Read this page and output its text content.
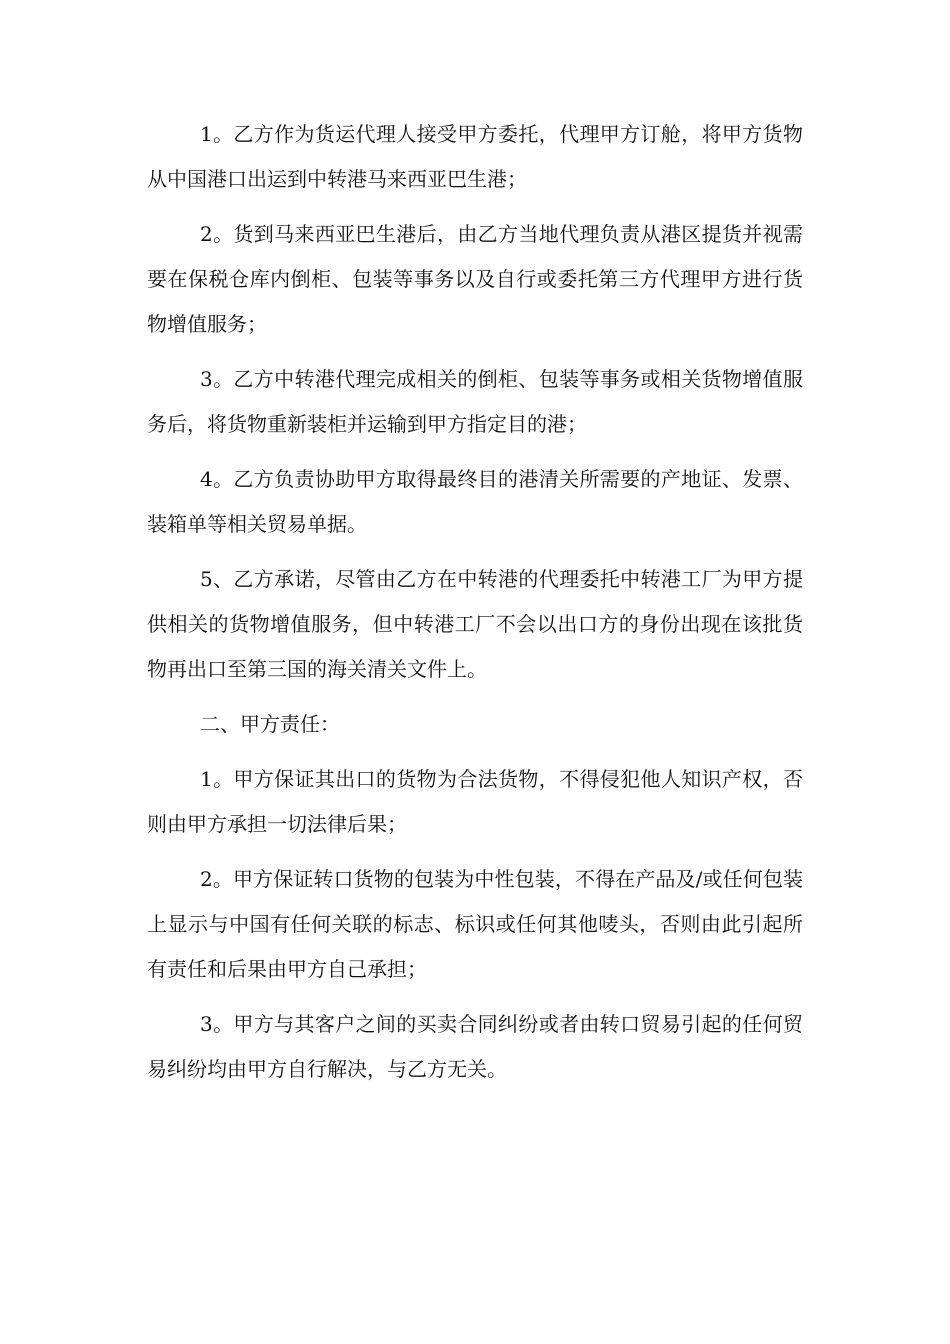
1。乙方作为货运代理人接受甲方委托，代理甲方订舱，将甲方货物从中国港口出运到中转港马来西亚巴生港；

2。货到马来西亚巴生港后，由乙方当地代理负责从港区提货并视需要在保税仓库内倒柜、包装等事务以及自行或委托第三方代理甲方进行货物增值服务；

3。乙方中转港代理完成相关的倒柜、包装等事务或相关货物增值服务后，将货物重新装柜并运输到甲方指定目的港；

4。乙方负责协助甲方取得最终目的港清关所需要的产地证、发票、装箱单等相关贸易单据。

5、乙方承诺，尽管由乙方在中转港的代理委托中转港工厂为甲方提供相关的货物增值服务，但中转港工厂不会以出口方的身份出现在该批货物再出口至第三国的海关清关文件上。

二、甲方责任：

1。甲方保证其出口的货物为合法货物，不得侵犯他人知识产权，否则由甲方承担一切法律后果；

2。甲方保证转口货物的包装为中性包装，不得在产品及/或任何包装上显示与中国有任何关联的标志、标识或任何其他唛头，否则由此引起所有责任和后果由甲方自己承担；

3。甲方与其客户之间的买卖合同纠纷或者由转口贸易引起的任何贸易纠纷均由甲方自行解决，与乙方无关。
